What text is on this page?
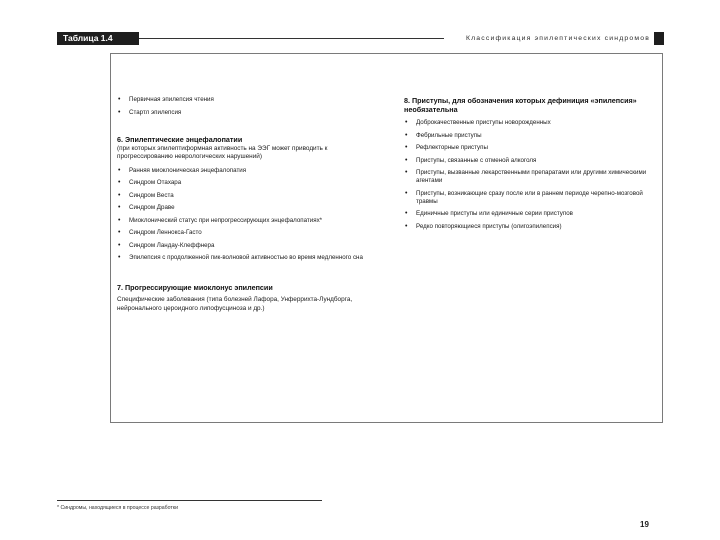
Таблица 1.4	Классификация эпилептических синдромов
• Первичная эпилепсия чтения
• Стартл эпилепсия

6. Эпилептические энцефалопатии

(при которых эпилептиформная активность на ЭЭГ может приводить к прогрессированию неврологических нарушений)

• Ранняя миоклоническая энцефалопатия
• Синдром Отахара
• Синдром Веста
• Синдром Драве
• Миоклонический статус при непрогрессирующих энцефалопатиях*
• Синдром Леннокса-Гасто
• Синдром Ландау-Клеффнера
• Эпилепсия с продолженной пик-волновой активностью во время медленного сна

7. Прогрессирующие миоклонус эпилепсии

Специфические заболевания (типа болезней Лафора, Унферрихта-Лундборга, нейронального цероидного липофусциноза и др.)

8. Приступы, для обозначения которых дефиниция «эпилепсия» необязательна

• Доброкачественные приступы новорожденных
• Фебрильные приступы
• Рефлекторные приступы
• Приступы, связанные с отменой алкоголя
• Приступы, вызванные лекарственными препаратами или другими химическими агентами
• Приступы, возникающие сразу после или в раннем периоде черепно-мозговой травмы
• Единичные приступы или единичные серии приступов
• Редко повторяющиеся приступы (олигоэпилепсия)
* Синдромы, находящиеся в процессе разработки
19
